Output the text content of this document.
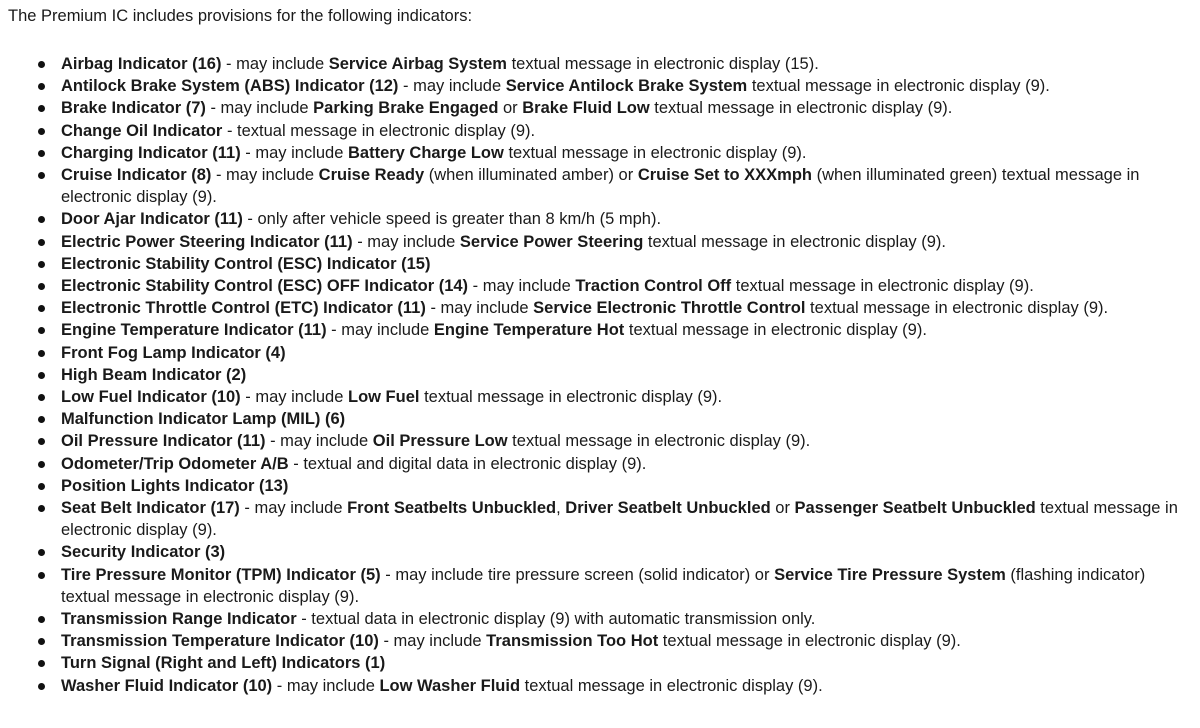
The Premium IC includes provisions for the following indicators:
Airbag Indicator (16) - may include Service Airbag System textual message in electronic display (15).
Antilock Brake System (ABS) Indicator (12) - may include Service Antilock Brake System textual message in electronic display (9).
Brake Indicator (7) - may include Parking Brake Engaged or Brake Fluid Low textual message in electronic display (9).
Change Oil Indicator - textual message in electronic display (9).
Charging Indicator (11) - may include Battery Charge Low textual message in electronic display (9).
Cruise Indicator (8) - may include Cruise Ready (when illuminated amber) or Cruise Set to XXXmph (when illuminated green) textual message in electronic display (9).
Door Ajar Indicator (11) - only after vehicle speed is greater than 8 km/h (5 mph).
Electric Power Steering Indicator (11) - may include Service Power Steering textual message in electronic display (9).
Electronic Stability Control (ESC) Indicator (15)
Electronic Stability Control (ESC) OFF Indicator (14) - may include Traction Control Off textual message in electronic display (9).
Electronic Throttle Control (ETC) Indicator (11) - may include Service Electronic Throttle Control textual message in electronic display (9).
Engine Temperature Indicator (11) - may include Engine Temperature Hot textual message in electronic display (9).
Front Fog Lamp Indicator (4)
High Beam Indicator (2)
Low Fuel Indicator (10) - may include Low Fuel textual message in electronic display (9).
Malfunction Indicator Lamp (MIL) (6)
Oil Pressure Indicator (11) - may include Oil Pressure Low textual message in electronic display (9).
Odometer/Trip Odometer A/B - textual and digital data in electronic display (9).
Position Lights Indicator (13)
Seat Belt Indicator (17) - may include Front Seatbelts Unbuckled, Driver Seatbelt Unbuckled or Passenger Seatbelt Unbuckled textual message in electronic display (9).
Security Indicator (3)
Tire Pressure Monitor (TPM) Indicator (5) - may include tire pressure screen (solid indicator) or Service Tire Pressure System (flashing indicator) textual message in electronic display (9).
Transmission Range Indicator - textual data in electronic display (9) with automatic transmission only.
Transmission Temperature Indicator (10) - may include Transmission Too Hot textual message in electronic display (9).
Turn Signal (Right and Left) Indicators (1)
Washer Fluid Indicator (10) - may include Low Washer Fluid textual message in electronic display (9).
